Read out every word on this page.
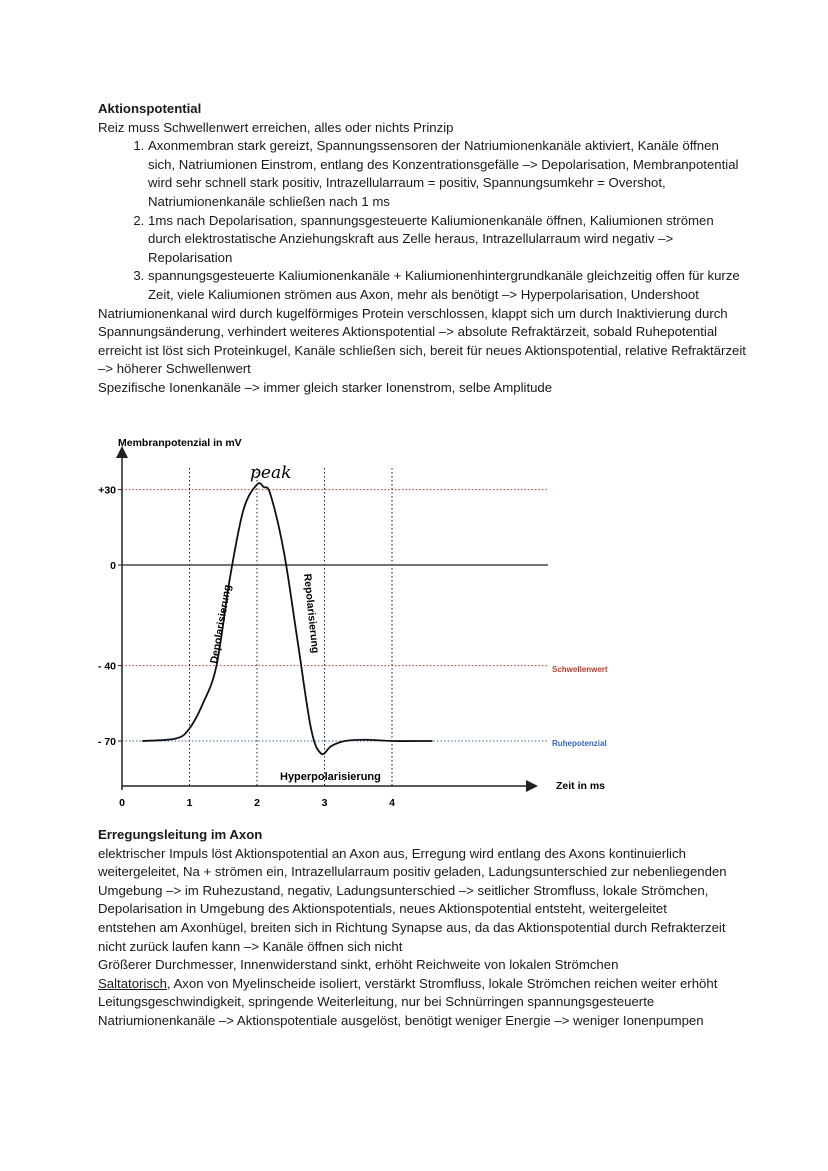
Aktionspotential

Reiz muss Schwellenwert erreichen, alles oder nichts Prinzip

1. Axonmembran stark gereizt, Spannungssensoren der Natriumionenkanäle aktiviert, Kanäle öffnen sich, Natriumionen Einstrom, entlang des Konzentrationsgefälle –> Depolarisation, Membranpotential wird sehr schnell stark positiv, Intrazellularraum = positiv, Spannungsumkehr = Overshot, Natriumionenkanäle schließen nach 1 ms
2. 1ms nach Depolarisation, spannungsgesteuerte Kaliumionenkanäle öffnen, Kaliumionen strömen durch elektrostatische Anziehungskraft aus Zelle heraus, Intrazellularraum wird negativ –> Repolarisation
3. spannungsgesteuerte Kaliumionenkanäle + Kaliumionenhintergrundkanäle gleichzeitig offen für kurze Zeit, viele Kaliumionen strömen aus Axon, mehr als benötigt –> Hyperpolarisation, Undershoot

Natriumionenkanal wird durch kugelförmiges Protein verschlossen, klappt sich um durch Inaktivierung durch Spannungsänderung, verhindert weiteres Aktionspotential –> absolute Refraktärzeit, sobald Ruhepotential erreicht ist löst sich Proteinkugel, Kanäle schließen sich, bereit für neues Aktionspotential, relative Refraktärzeit –> höherer Schwellenwert

Spezifische Ionenkanäle –> immer gleich starker Ionenstrom, selbe Amplitude

Membranpotenzial in mV
Zeit in ms
Schwellenwert
Ruhepotenzial
+30
0
- 40
- 70
0	1	2	3	4
peak
Depolarisierung	Repolarisierung
Hyperpolarisierung
Erregungsleitung im Axon

elektrischer Impuls löst Aktionspotential an Axon aus, Erregung wird entlang des Axons kontinuierlich weitergeleitet, Na + strömen ein, Intrazellularraum positiv geladen, Ladungsunterschied zur nebenliegenden Umgebung –> im Ruhezustand, negativ, Ladungsunterschied –> seitlicher Stromfluss, lokale Strömchen, Depolarisation in Umgebung des Aktionspotentials, neues Aktionspotential entsteht, weitergeleitet

entstehen am Axonhügel, breiten sich in Richtung Synapse aus, da das Aktionspotential durch Refrakterzeit nicht zurück laufen kann –> Kanäle öffnen sich nicht

Größerer Durchmesser, Innenwiderstand sinkt, erhöht Reichweite von lokalen Strömchen

Saltatorisch, Axon von Myelinscheide isoliert, verstärkt Stromfluss, lokale Strömchen reichen weiter erhöht Leitungsgeschwindigkeit, springende Weiterleitung, nur bei Schnürringen spannungsgesteuerte Natriumionenkanäle –> Aktionspotentiale ausgelöst, benötigt weniger Energie –> weniger Ionenpumpen
